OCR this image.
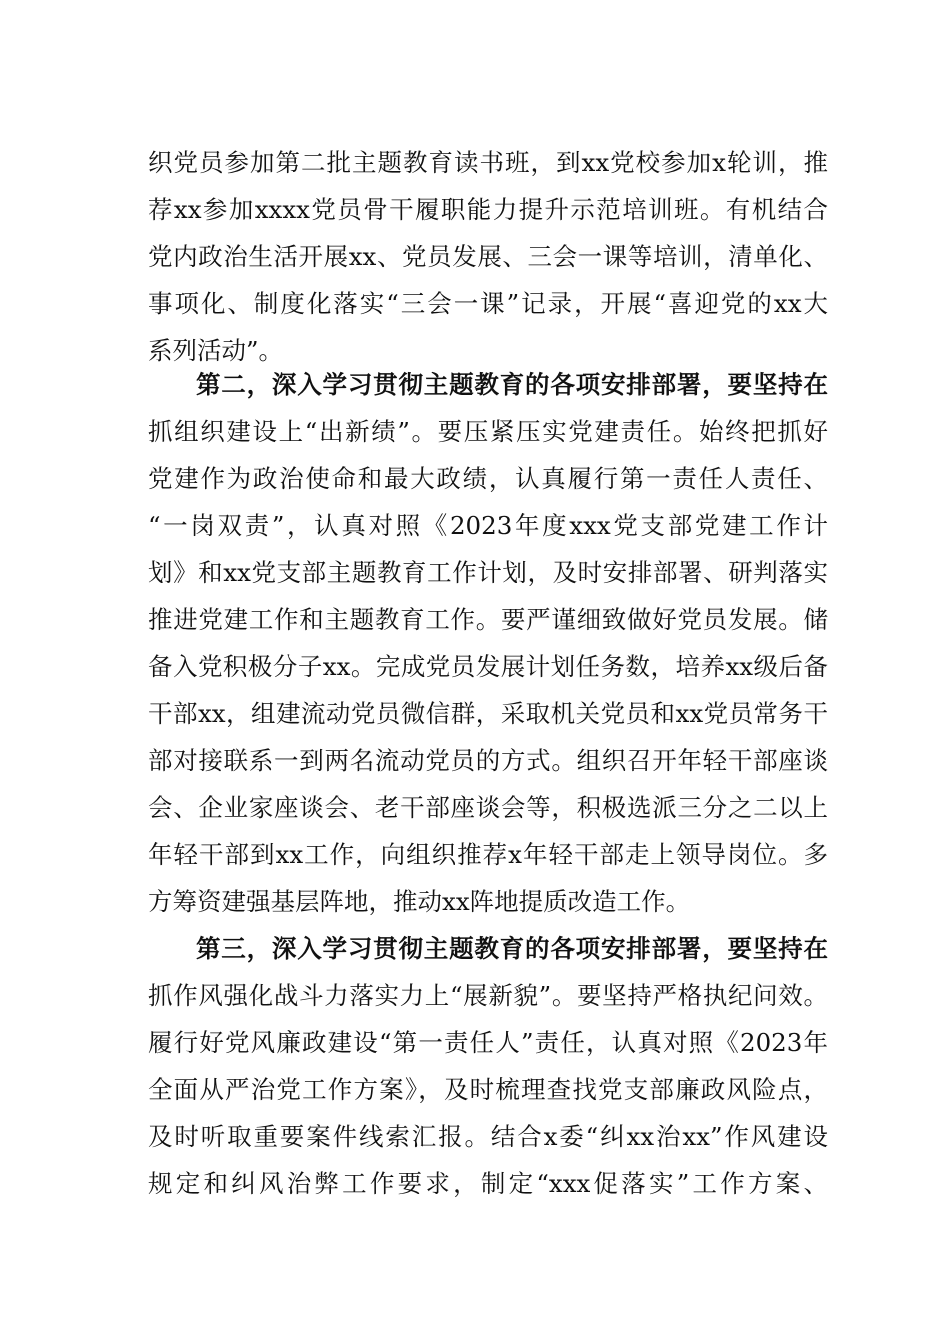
织党员参加第二批主题教育读书班，到xx党校参加x轮训，推
荐xx参加xxxx党员骨干履职能力提升示范培训班。有机结合
党内政治生活开展xx、党员发展、三会一课等培训，清单化、
事项化、制度化落实“三会一课”记录，开展“喜迎党的xx大
系列活动”。
第二，深入学习贯彻主题教育的各项安排部署，要坚持在
抓组织建设上“出新绩”。要压紧压实党建责任。始终把抓好
党建作为政治使命和最大政绩，认真履行第一责任人责任、
“一岗双责”，认真对照《2023年度xxx党支部党建工作计
划》和xx党支部主题教育工作计划，及时安排部署、研判落实
推进党建工作和主题教育工作。要严谨细致做好党员发展。储
备入党积极分子xx。完成党员发展计划任务数，培养xx级后备
干部xx，组建流动党员微信群，采取机关党员和xx党员常务干
部对接联系一到两名流动党员的方式。组织召开年轻干部座谈
会、企业家座谈会、老干部座谈会等，积极选派三分之二以上
年轻干部到xx工作，向组织推荐x年轻干部走上领导岗位。多
方筹资建强基层阵地，推动xx阵地提质改造工作。
第三，深入学习贯彻主题教育的各项安排部署，要坚持在
抓作风强化战斗力落实力上“展新貌”。要坚持严格执纪问效。
履行好党风廉政建设“第一责任人”责任，认真对照《2023年
全面从严治党工作方案》，及时梳理查找党支部廉政风险点，
及时听取重要案件线索汇报。结合x委“纠xx治xx”作风建设
规定和纠风治弊工作要求，制定“xxx促落实”工作方案、
